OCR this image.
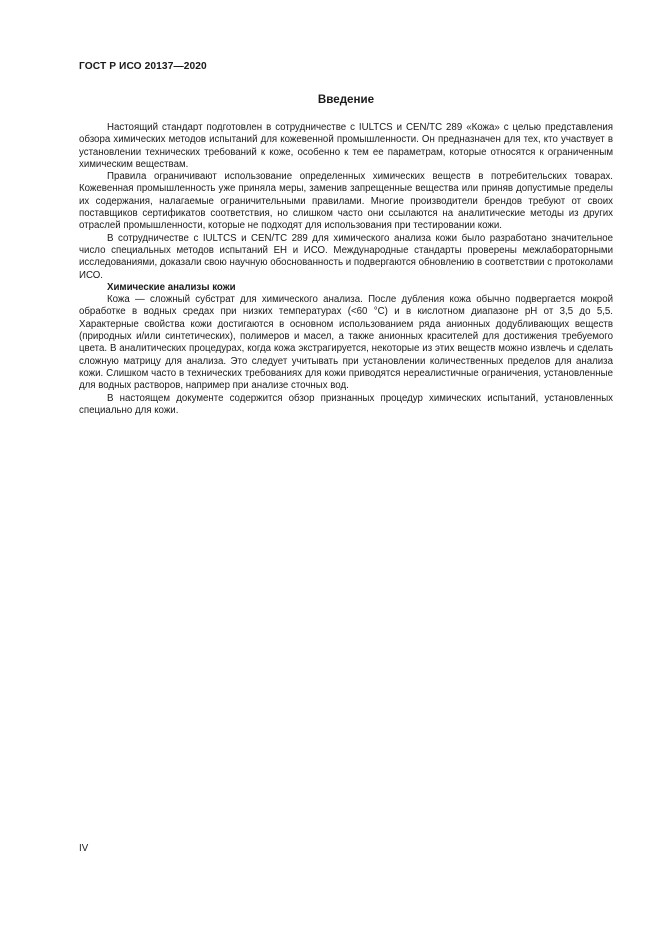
ГОСТ Р ИСО 20137—2020
Введение

Настоящий стандарт подготовлен в сотрудничестве с IULTCS и CEN/TC 289 «Кожа» с целью представления обзора химических методов испытаний для кожевенной промышленности. Он предназначен для тех, кто участвует в установлении технических требований к коже, особенно к тем ее параметрам, которые относятся к ограниченным химическим веществам.

Правила ограничивают использование определенных химических веществ в потребительских товарах. Кожевенная промышленность уже приняла меры, заменив запрещенные вещества или приняв допустимые пределы их содержания, налагаемые ограничительными правилами. Многие производители брендов требуют от своих поставщиков сертификатов соответствия, но слишком часто они ссылаются на аналитические методы из других отраслей промышленности, которые не подходят для использования при тестировании кожи.

В сотрудничестве с IULTCS и CEN/TC 289 для химического анализа кожи было разработано значительное число специальных методов испытаний ЕН и ИСО. Международные стандарты проверены межлабораторными исследованиями, доказали свою научную обоснованность и подвергаются обновлению в соответствии с протоколами ИСО.

Химические анализы кожи

Кожа — сложный субстрат для химического анализа. После дубления кожа обычно подвергается мокрой обработке в водных средах при низких температурах (<60 °С) и в кислотном диапазоне pH от 3,5 до 5,5. Характерные свойства кожи достигаются в основном использованием ряда анионных додубливающих веществ (природных и/или синтетических), полимеров и масел, а также анионных красителей для достижения требуемого цвета. В аналитических процедурах, когда кожа экстрагируется, некоторые из этих веществ можно извлечь и сделать сложную матрицу для анализа. Это следует учитывать при установлении количественных пределов для анализа кожи. Слишком часто в технических требованиях для кожи приводятся нереалистичные ограничения, установленные для водных растворов, например при анализе сточных вод.

В настоящем документе содержится обзор признанных процедур химических испытаний, установленных специально для кожи.

IV
